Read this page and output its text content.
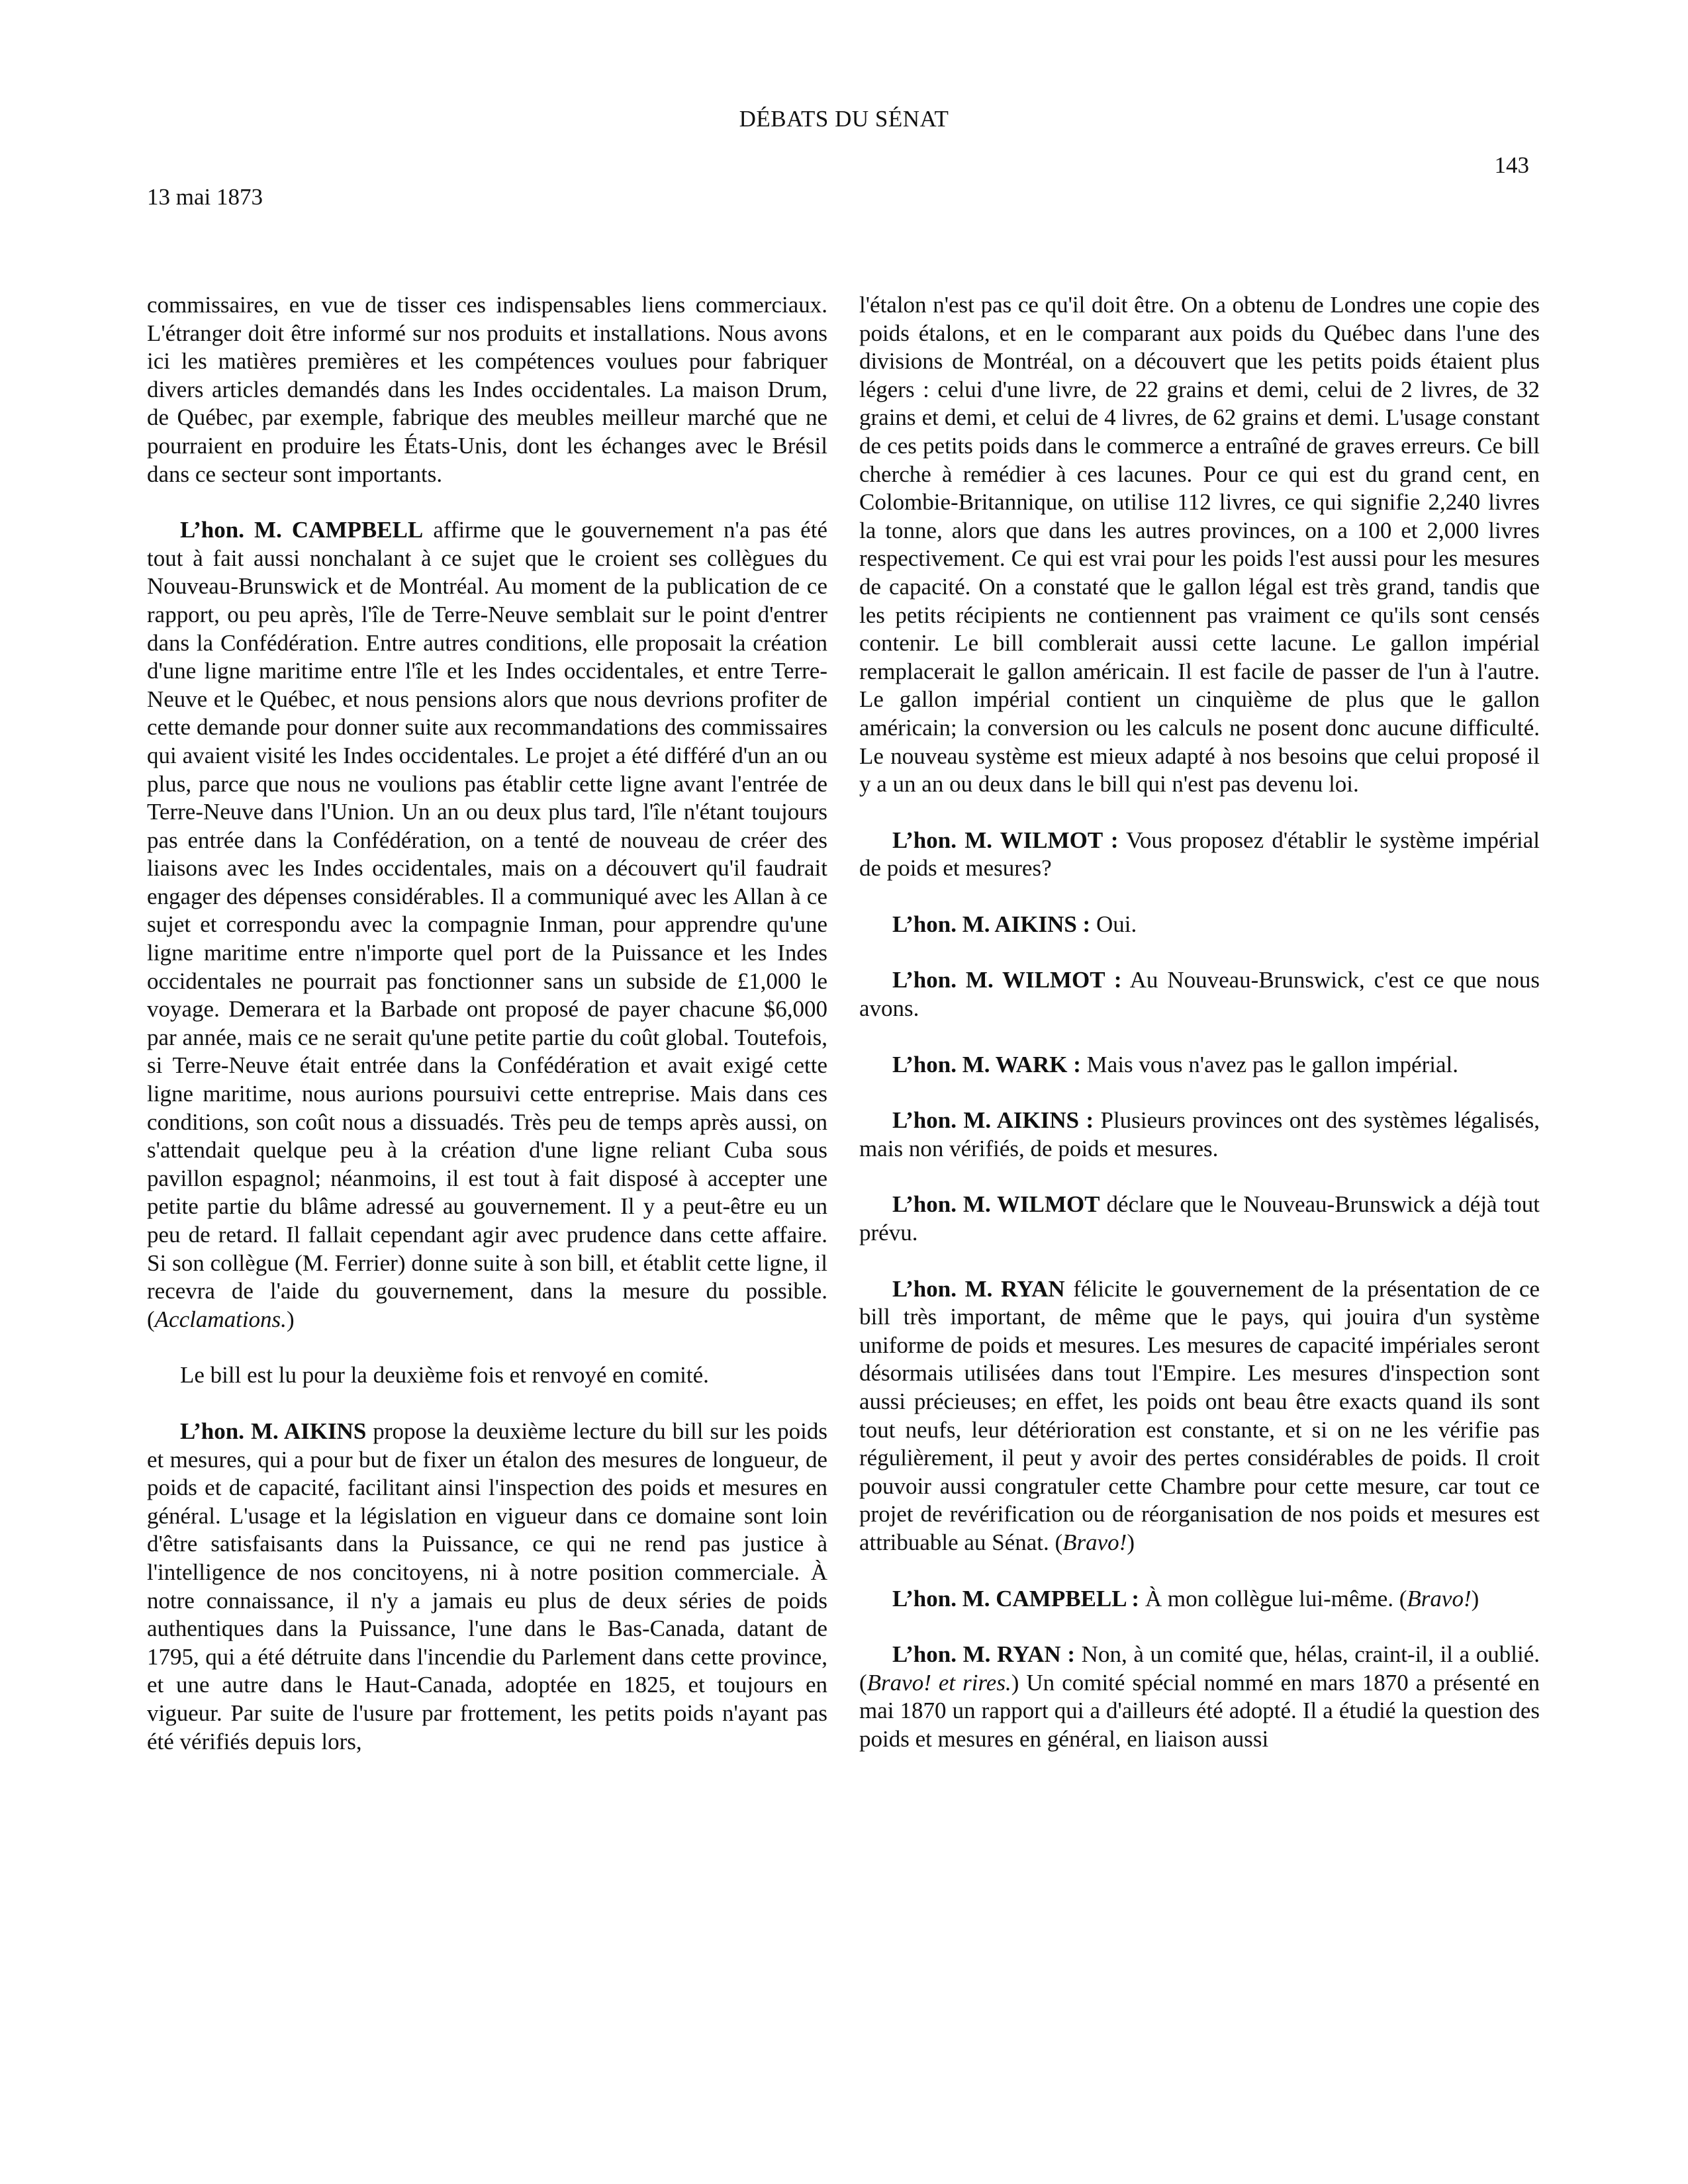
DÉBATS DU SÉNAT
143
13 mai 1873

commissaires, en vue de tisser ces indispensables liens commerciaux. L'étranger doit être informé sur nos produits et installations. Nous avons ici les matières premières et les compétences voulues pour fabriquer divers articles demandés dans les Indes occidentales. La maison Drum, de Québec, par exemple, fabrique des meubles meilleur marché que ne pourraient en produire les États-Unis, dont les échanges avec le Brésil dans ce secteur sont importants.

L’hon. M. CAMPBELL affirme que le gouvernement n'a pas été tout à fait aussi nonchalant à ce sujet que le croient ses collègues du Nouveau-Brunswick et de Montréal. Au moment de la publication de ce rapport, ou peu après, l'île de Terre-Neuve semblait sur le point d'entrer dans la Confédération. Entre autres conditions, elle proposait la création d'une ligne maritime entre l'île et les Indes occidentales, et entre Terre-Neuve et le Québec, et nous pensions alors que nous devrions profiter de cette demande pour donner suite aux recommandations des commissaires qui avaient visité les Indes occidentales. Le projet a été différé d'un an ou plus, parce que nous ne voulions pas établir cette ligne avant l'entrée de Terre-Neuve dans l'Union. Un an ou deux plus tard, l'île n'étant toujours pas entrée dans la Confédération, on a tenté de nouveau de créer des liaisons avec les Indes occidentales, mais on a découvert qu'il faudrait engager des dépenses considérables. Il a communiqué avec les Allan à ce sujet et correspondu avec la compagnie Inman, pour apprendre qu'une ligne maritime entre n'importe quel port de la Puissance et les Indes occidentales ne pourrait pas fonctionner sans un subside de £1,000 le voyage. Demerara et la Barbade ont proposé de payer chacune $6,000 par année, mais ce ne serait qu'une petite partie du coût global. Toutefois, si Terre-Neuve était entrée dans la Confédération et avait exigé cette ligne maritime, nous aurions poursuivi cette entreprise. Mais dans ces conditions, son coût nous a dissuadés. Très peu de temps après aussi, on s'attendait quelque peu à la création d'une ligne reliant Cuba sous pavillon espagnol; néanmoins, il est tout à fait disposé à accepter une petite partie du blâme adressé au gouvernement. Il y a peut-être eu un peu de retard. Il fallait cependant agir avec prudence dans cette affaire. Si son collègue (M. Ferrier) donne suite à son bill, et établit cette ligne, il recevra de l'aide du gouvernement, dans la mesure du possible. (Acclamations.)

Le bill est lu pour la deuxième fois et renvoyé en comité.

L’hon. M. AIKINS propose la deuxième lecture du bill sur les poids et mesures, qui a pour but de fixer un étalon des mesures de longueur, de poids et de capacité, facilitant ainsi l'inspection des poids et mesures en général. L'usage et la législation en vigueur dans ce domaine sont loin d'être satisfaisants dans la Puissance, ce qui ne rend pas justice à l'intelligence de nos concitoyens, ni à notre position commerciale. À notre connaissance, il n'y a jamais eu plus de deux séries de poids authentiques dans la Puissance, l'une dans le Bas-Canada, datant de 1795, qui a été détruite dans l'incendie du Parlement dans cette province, et une autre dans le Haut-Canada, adoptée en 1825, et toujours en vigueur. Par suite de l'usure par frottement, les petits poids n'ayant pas été vérifiés depuis lors,

l'étalon n'est pas ce qu'il doit être. On a obtenu de Londres une copie des poids étalons, et en le comparant aux poids du Québec dans l'une des divisions de Montréal, on a découvert que les petits poids étaient plus légers : celui d'une livre, de 22 grains et demi, celui de 2 livres, de 32 grains et demi, et celui de 4 livres, de 62 grains et demi. L'usage constant de ces petits poids dans le commerce a entraîné de graves erreurs. Ce bill cherche à remédier à ces lacunes. Pour ce qui est du grand cent, en Colombie-Britannique, on utilise 112 livres, ce qui signifie 2,240 livres la tonne, alors que dans les autres provinces, on a 100 et 2,000 livres respectivement. Ce qui est vrai pour les poids l'est aussi pour les mesures de capacité. On a constaté que le gallon légal est très grand, tandis que les petits récipients ne contiennent pas vraiment ce qu'ils sont censés contenir. Le bill comblerait aussi cette lacune. Le gallon impérial remplacerait le gallon américain. Il est facile de passer de l'un à l'autre. Le gallon impérial contient un cinquième de plus que le gallon américain; la conversion ou les calculs ne posent donc aucune difficulté. Le nouveau système est mieux adapté à nos besoins que celui proposé il y a un an ou deux dans le bill qui n'est pas devenu loi.

L’hon. M. WILMOT : Vous proposez d'établir le système impérial de poids et mesures?

L’hon. M. AIKINS : Oui.

L’hon. M. WILMOT : Au Nouveau-Brunswick, c'est ce que nous avons.

L’hon. M. WARK : Mais vous n'avez pas le gallon impérial.

L’hon. M. AIKINS : Plusieurs provinces ont des systèmes légalisés, mais non vérifiés, de poids et mesures.

L’hon. M. WILMOT déclare que le Nouveau-Brunswick a déjà tout prévu.

L’hon. M. RYAN félicite le gouvernement de la présentation de ce bill très important, de même que le pays, qui jouira d'un système uniforme de poids et mesures. Les mesures de capacité impériales seront désormais utilisées dans tout l'Empire. Les mesures d'inspection sont aussi précieuses; en effet, les poids ont beau être exacts quand ils sont tout neufs, leur détérioration est constante, et si on ne les vérifie pas régulièrement, il peut y avoir des pertes considérables de poids. Il croit pouvoir aussi congratuler cette Chambre pour cette mesure, car tout ce projet de revérification ou de réorganisation de nos poids et mesures est attribuable au Sénat. (Bravo!)

L’hon. M. CAMPBELL : À mon collègue lui-même. (Bravo!)

L’hon. M. RYAN : Non, à un comité que, hélas, craint-il, il a oublié. (Bravo! et rires.) Un comité spécial nommé en mars 1870 a présenté en mai 1870 un rapport qui a d'ailleurs été adopté. Il a étudié la question des poids et mesures en général, en liaison aussi
